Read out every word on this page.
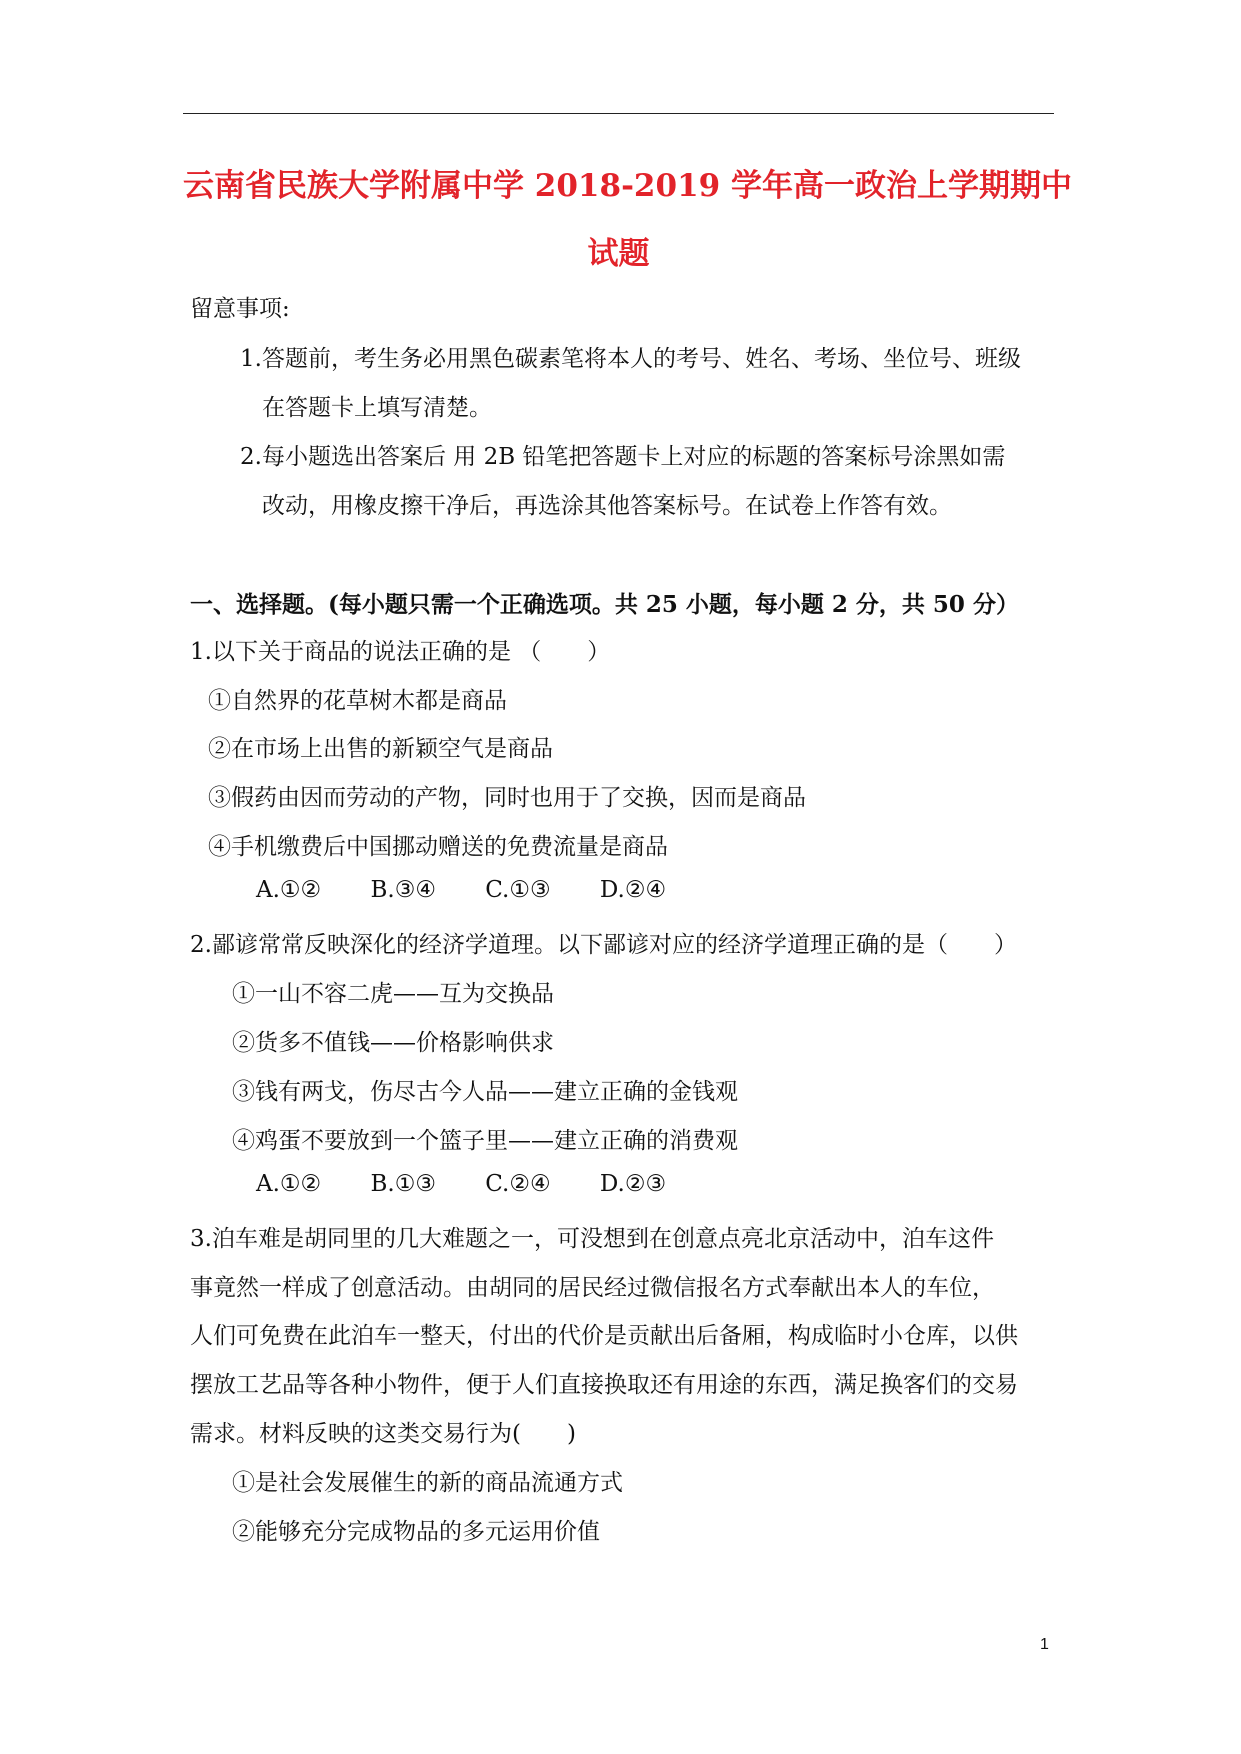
云南省民族大学附属中学 2018-2019 学年高一政治上学期期中
试题
留意事项:
1.答题前，考生务必用黑色碳素笔将本人的考号、姓名、考场、坐位号、班级
在答题卡上填写清楚。
2.每小题选出答案后 用 2B 铅笔把答题卡上对应的标题的答案标号涂黑如需
改动，用橡皮擦干净后，再选涂其他答案标号。在试卷上作答有效。
一、选择题。(每小题只需一个正确选项。共 25 小题，每小题 2 分，共 50 分）
1.以下关于商品的说法正确的是 （　　）
①自然界的花草树木都是商品
②在市场上出售的新颖空气是商品
③假药由因而劳动的产物，同时也用于了交换，因而是商品
④手机缴费后中国挪动赠送的免费流量是商品
A.①② B.③④ C.①③ D.②④
2.鄙谚常常反映深化的经济学道理。以下鄙谚对应的经济学道理正确的是（　　）
①一山不容二虎——互为交换品
②货多不值钱——价格影响供求
③钱有两戈，伤尽古今人品——建立正确的金钱观
④鸡蛋不要放到一个篮子里——建立正确的消费观
A.①② B.①③ C.②④ D.②③
3.泊车难是胡同里的几大难题之一，可没想到在创意点亮北京活动中，泊车这件
事竟然一样成了创意活动。由胡同的居民经过微信报名方式奉献出本人的车位，
人们可免费在此泊车一整天，付出的代价是贡献出后备厢，构成临时小仓库，以供
摆放工艺品等各种小物件，便于人们直接换取还有用途的东西，满足换客们的交易
需求。材料反映的这类交易行为(　　)
①是社会发展催生的新的商品流通方式
②能够充分完成物品的多元运用价值
1
